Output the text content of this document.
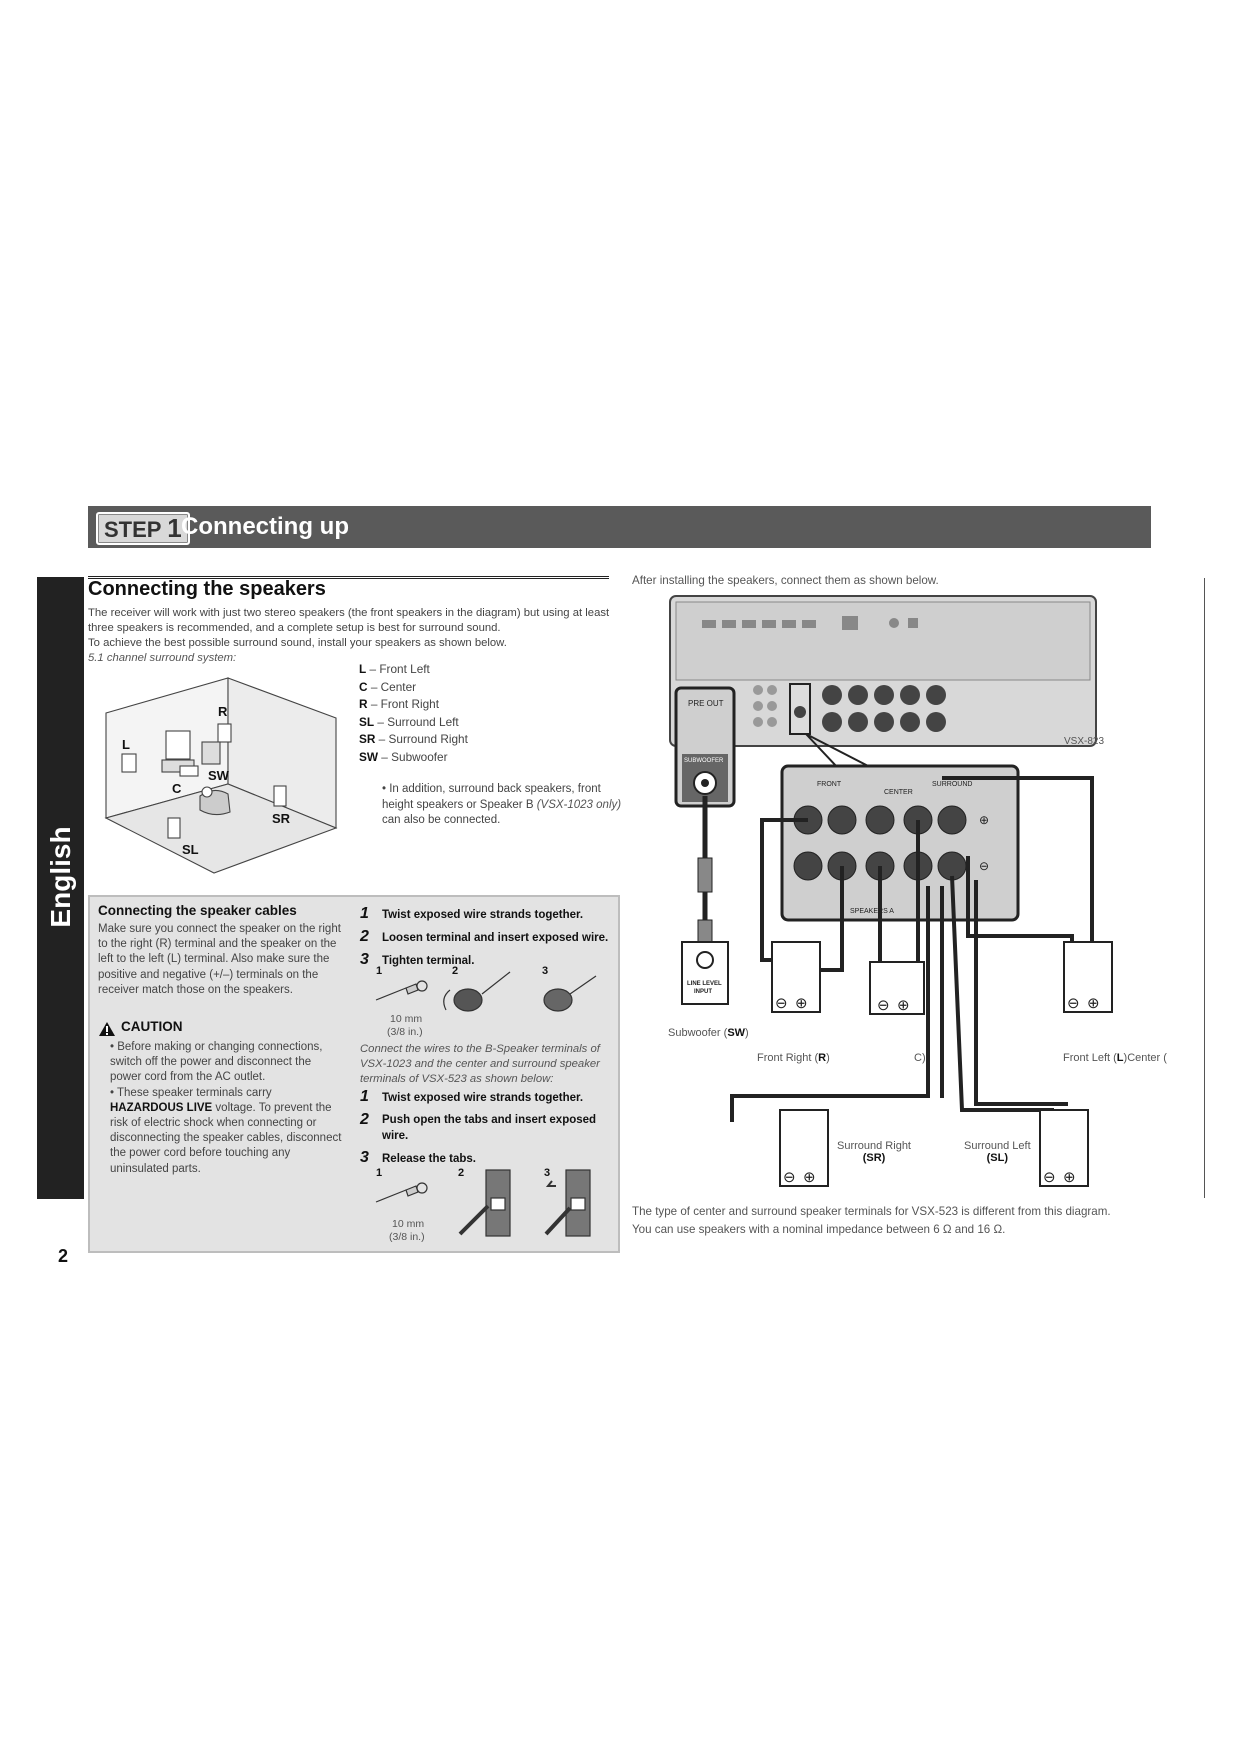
STEP 1 Connecting up
English
2
Connecting the speakers

The receiver will work with just two stereo speakers (the front speakers in the diagram) but using at least three speakers is recommended, and a complete setup is best for surround sound.

To achieve the best possible surround sound, install your speakers as shown below.

5.1 channel surround system:

R
L
SW
C
SR
SL
L – Front Left
C – Center
R – Front Right
SL – Surround Left
SR – Surround Right
SW – Subwoofer
• In addition, surround back speakers, front height speakers or Speaker B (VSX-1023 only) can also be connected.
Connecting the speaker cables
Make sure you connect the speaker on the right to the right (R) terminal and the speaker on the left to the left (L) terminal. Also make sure the positive and negative (+/–) terminals on the receiver match those on the speakers.
CAUTION
• Before making or changing connections, switch off the power and disconnect the power cord from the AC outlet.
• These speaker terminals carry HAZARDOUS LIVE voltage. To prevent the risk of electric shock when connecting or disconnecting the speaker cables, disconnect the power cord before touching any uninsulated parts.
1 Twist exposed wire strands together.
2 Loosen terminal and insert exposed wire.
3 Tighten terminal.
1	2	3
10 mm
(3/8 in.)
Connect the wires to the B-Speaker terminals of VSX-1023 and the center and surround speaker terminals of VSX-523 as shown below:
1 Twist exposed wire strands together.
2	Push open the tabs and insert exposed wire.
3 Release the tabs.
1	2	3
10 mm
(3/8 in.)
After installing the speakers, connect them as shown below.
VSX-823
PRE OUT
SUBWOOFER
FRONT
CENTER
SURROUND
SPEAKERS A
⊕
⊖
LINE LEVEL
INPUT
⊖ ⊕	⊖ ⊕	⊖ ⊕
⊖ ⊕	⊖ ⊕
Subwoofer (SW)
Front Right (R)	C)	Front Left (L)Center (
Surround Right
(SR)
Surround Left
(SL)
The type of center and surround speaker terminals for VSX-523 is different from this diagram.
You can use speakers with a nominal impedance between 6 Ω and 16 Ω.
